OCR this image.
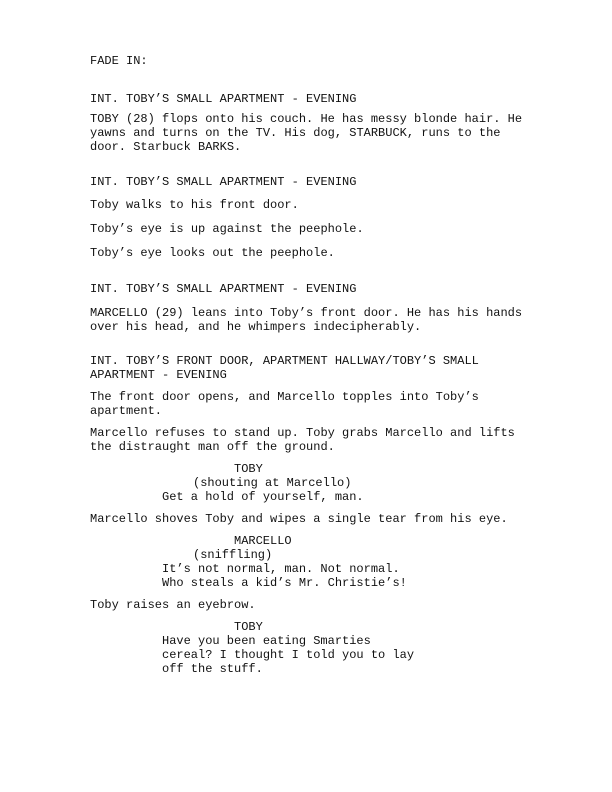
FADE IN:
INT. TOBY’S SMALL APARTMENT - EVENING
TOBY (28) flops onto his couch. He has messy blonde hair. He
yawns and turns on the TV. His dog, STARBUCK, runs to the
door. Starbuck BARKS.
INT. TOBY’S SMALL APARTMENT - EVENING
Toby walks to his front door.
Toby’s eye is up against the peephole.
Toby’s eye looks out the peephole.
INT. TOBY’S SMALL APARTMENT - EVENING
MARCELLO (29) leans into Toby’s front door. He has his hands
over his head, and he whimpers indecipherably.
INT. TOBY’S FRONT DOOR, APARTMENT HALLWAY/TOBY’S SMALL
APARTMENT - EVENING
The front door opens, and Marcello topples into Toby’s
apartment.
Marcello refuses to stand up. Toby grabs Marcello and lifts
the distraught man off the ground.
TOBY
(shouting at Marcello)
Get a hold of yourself, man.
Marcello shoves Toby and wipes a single tear from his eye.
MARCELLO
(sniffling)
It’s not normal, man. Not normal.
Who steals a kid’s Mr. Christie’s!
Toby raises an eyebrow.
TOBY
Have you been eating Smarties
cereal? I thought I told you to lay
off the stuff.
